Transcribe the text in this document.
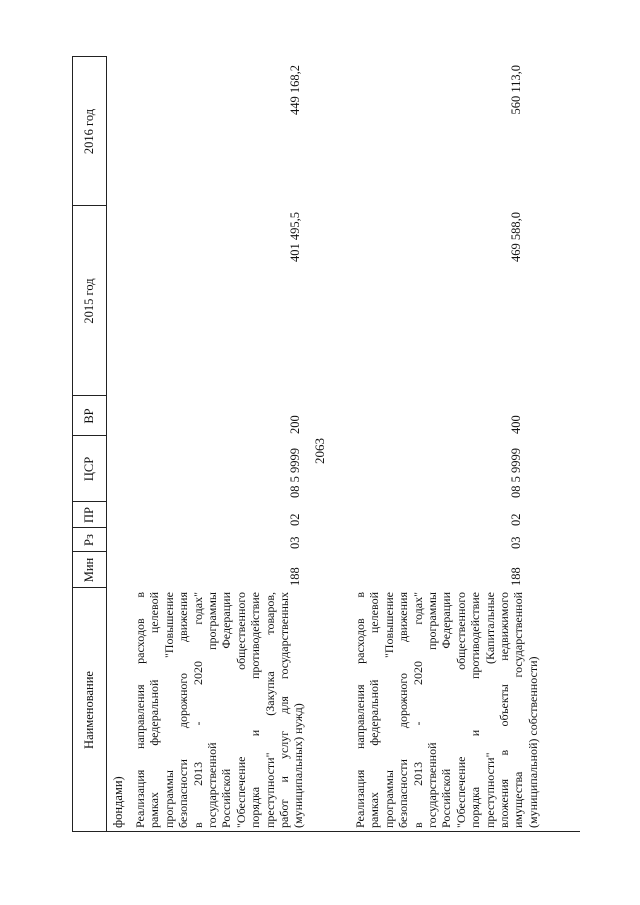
2063
Наименование
Мин
Рз
ПР
ЦСР
ВР
2015 год
2016 год
фондами) Реализация направления расходов в рамках федеральной целевой программы "Повышение безопасности дорожного движения в 2013 - 2020 годах" государственной программы Российской Федерации "Обеспечение общественного порядка и противодействие преступности" (Закупка товаров, работ и услуг для государственных (муниципальных) нужд)
188
03
02
08 5 9999
200
401 495,5
449 168,2
Реализация направления расходов в рамках федеральной целевой программы "Повышение безопасности дорожного движения в 2013 - 2020 годах" государственной программы Российской Федерации "Обеспечение общественного порядка и противодействие преступности" (Капитальные вложения в объекты недвижимого имущества государственной (муниципальной) собственности)
188
03
02
08 5 9999
400
469 588,0
560 113,0
